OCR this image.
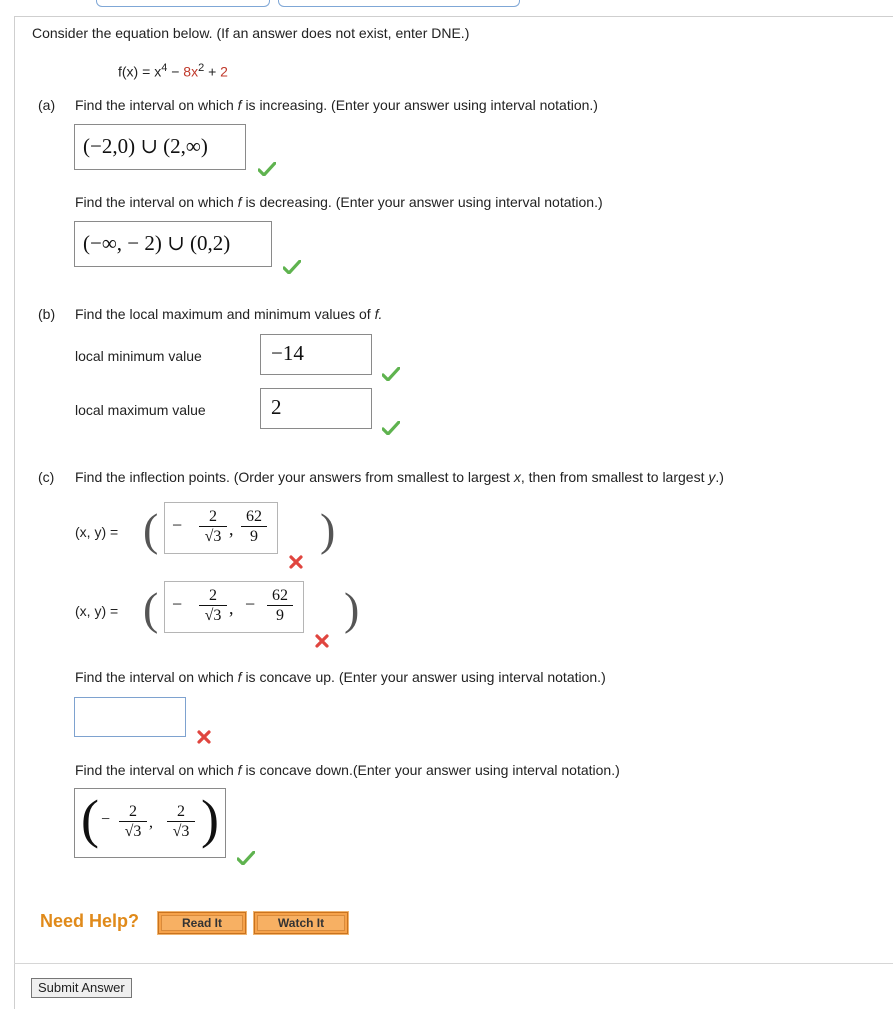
Consider the equation below. (If an answer does not exist, enter DNE.)
$f(x) = x^4 - 8x^2 + 2$
(a) Find the interval on which f is increasing. (Enter your answer using interval notation.)
(−2,0) ∪ (2,∞)
Find the interval on which f is decreasing. (Enter your answer using interval notation.)
(−∞, − 2) ∪ (0,2)
(b) Find the local maximum and minimum values of f.
local minimum value	−14
local maximum value	2
(c) Find the inflection points. (Order your answers from smallest to largest x, then from smallest to largest y.)
(x, y) = ( −	2
√3 ,
62
9 )
(x, y) = ( −	2
√3 , −	62
9 )
Find the interval on which f is concave up. (Enter your answer using interval notation.)
Find the interval on which f is concave down.(Enter your answer using interval notation.)
( −	2
√3
,
2
√3 )
Need Help?	Read It	Watch It
Submit Answer
